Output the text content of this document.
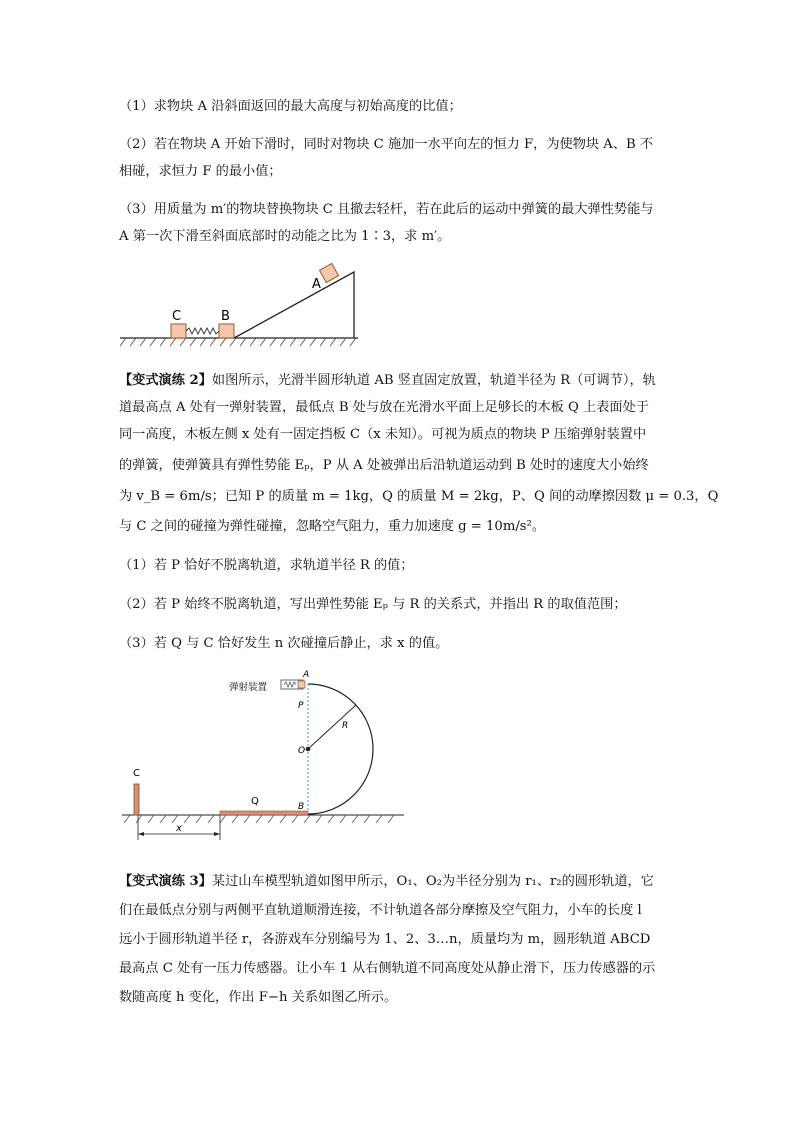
（1）求物块 A 沿斜面返回的最大高度与初始高度的比值；
（2）若在物块 A 开始下滑时，同时对物块 C 施加一水平向左的恒力 F，为使物块 A、B 不
相碰，求恒力 F 的最小值；
（3）用质量为 m′的物块替换物块 C 且撤去轻杆，若在此后的运动中弹簧的最大弹性势能与
A 第一次下滑至斜面底部时的动能之比为 1∶3，求 m′。
C	B
A
【变式演练 2】如图所示，光滑半圆形轨道 AB 竖直固定放置，轨道半径为 R（可调节），轨
道最高点 A 处有一弹射装置，最低点 B 处与放在光滑水平面上足够长的木板 Q 上表面处于
同一高度，木板左侧 x 处有一固定挡板 C（x 未知）。可视为质点的物块 P 压缩弹射装置中
的弹簧，使弹簧具有弹性势能 Eₚ，P 从 A 处被弹出后沿轨道运动到 B 处时的速度大小始终
为 v_B = 6m/s；已知 P 的质量 m = 1kg，Q 的质量 M = 2kg，P、Q 间的动摩擦因数 μ = 0.3，Q
与 C 之间的碰撞为弹性碰撞，忽略空气阻力，重力加速度 g = 10m/s²。
（1）若 P 恰好不脱离轨道，求轨道半径 R 的值；
（2）若 P 始终不脱离轨道，写出弹性势能 Eₚ 与 R 的关系式，并指出 R 的取值范围；
（3）若 Q 与 C 恰好发生 n 次碰撞后静止，求 x 的值。
C
Q
x
弹射装置
A
P
O
R
B
【变式演练 3】某过山车模型轨道如图甲所示，O₁、O₂为半径分别为 r₁、r₂的圆形轨道，它
们在最低点分别与两侧平直轨道顺滑连接，不计轨道各部分摩擦及空气阻力，小车的长度 l
远小于圆形轨道半径 r，各游戏车分别编号为 1、2、3…n，质量均为 m，圆形轨道 ABCD
最高点 C 处有一压力传感器。让小车 1 从右侧轨道不同高度处从静止滑下，压力传感器的示
数随高度 h 变化，作出 F−h 关系如图乙所示。
